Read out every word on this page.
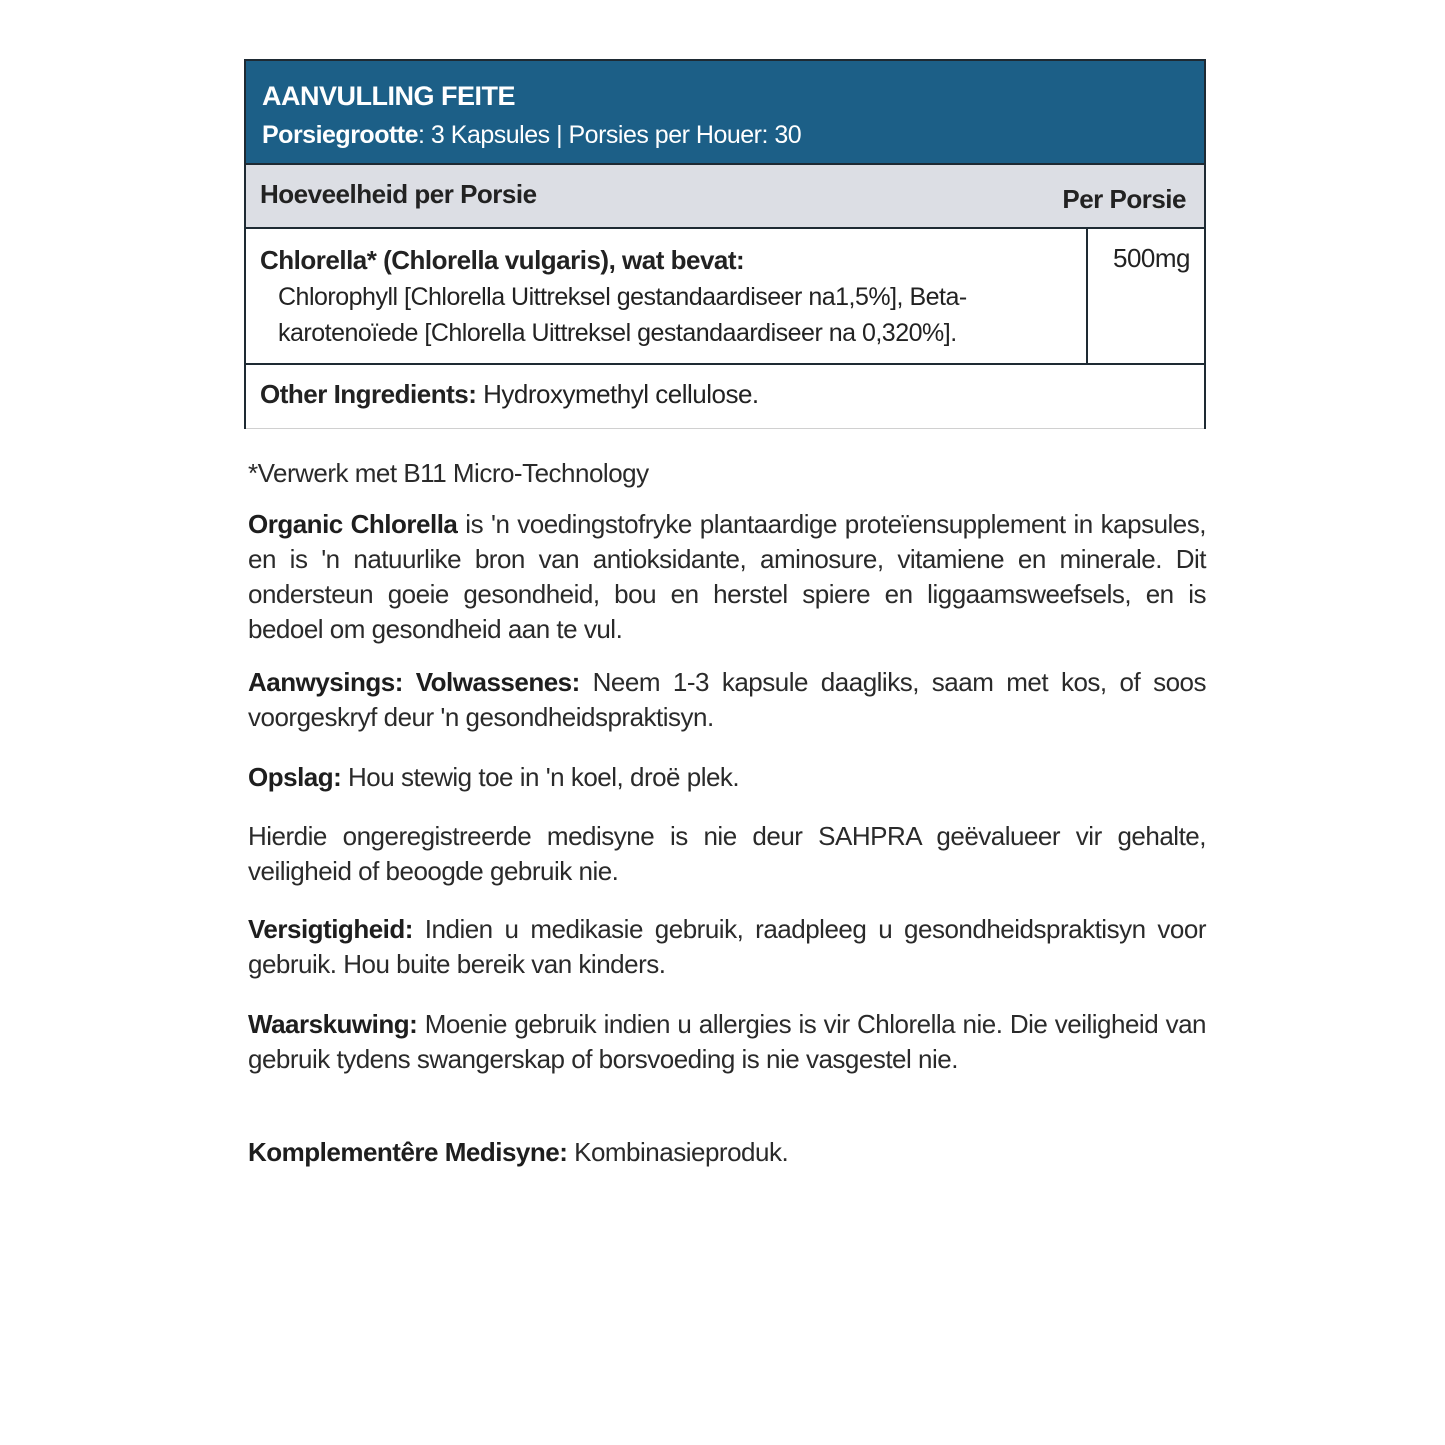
AANVULLING FEITE
Porsiegrootte: 3 Kapsules | Porsies per Houer: 30
Hoeveelheid per Porsie	Per Porsie
Chlorella* (Chlorella vulgaris), wat bevat:
Chlorophyll [Chlorella Uittreksel gestandaardiseer na1,5%], Beta-
karotenoïede [Chlorella Uittreksel gestandaardiseer na 0,320%].
500mg
Other Ingredients: Hydroxymethyl cellulose.
*Verwerk met B11 Micro-Technology
Organic Chlorella is 'n voedingstofryke plantaardige proteïensupplement in kapsules, en is 'n natuurlike bron van antioksidante, aminosure, vitamiene en minerale. Dit ondersteun goeie gesondheid, bou en herstel spiere en liggaamsweefsels, en is bedoel om gesondheid aan te vul.
Aanwysings: Volwassenes: Neem 1-3 kapsule daagliks, saam met kos, of soos voorgeskryf deur 'n gesondheidspraktisyn.
Opslag: Hou stewig toe in 'n koel, droë plek.
Hierdie ongeregistreerde medisyne is nie deur SAHPRA geëvalueer vir gehalte, veiligheid of beoogde gebruik nie.
Versigtigheid: Indien u medikasie gebruik, raadpleeg u gesondheidspraktisyn voor gebruik. Hou buite bereik van kinders.
Waarskuwing: Moenie gebruik indien u allergies is vir Chlorella nie. Die veiligheid van gebruik tydens swangerskap of borsvoeding is nie vasgestel nie.
Komplementêre Medisyne: Kombinasieproduk.
